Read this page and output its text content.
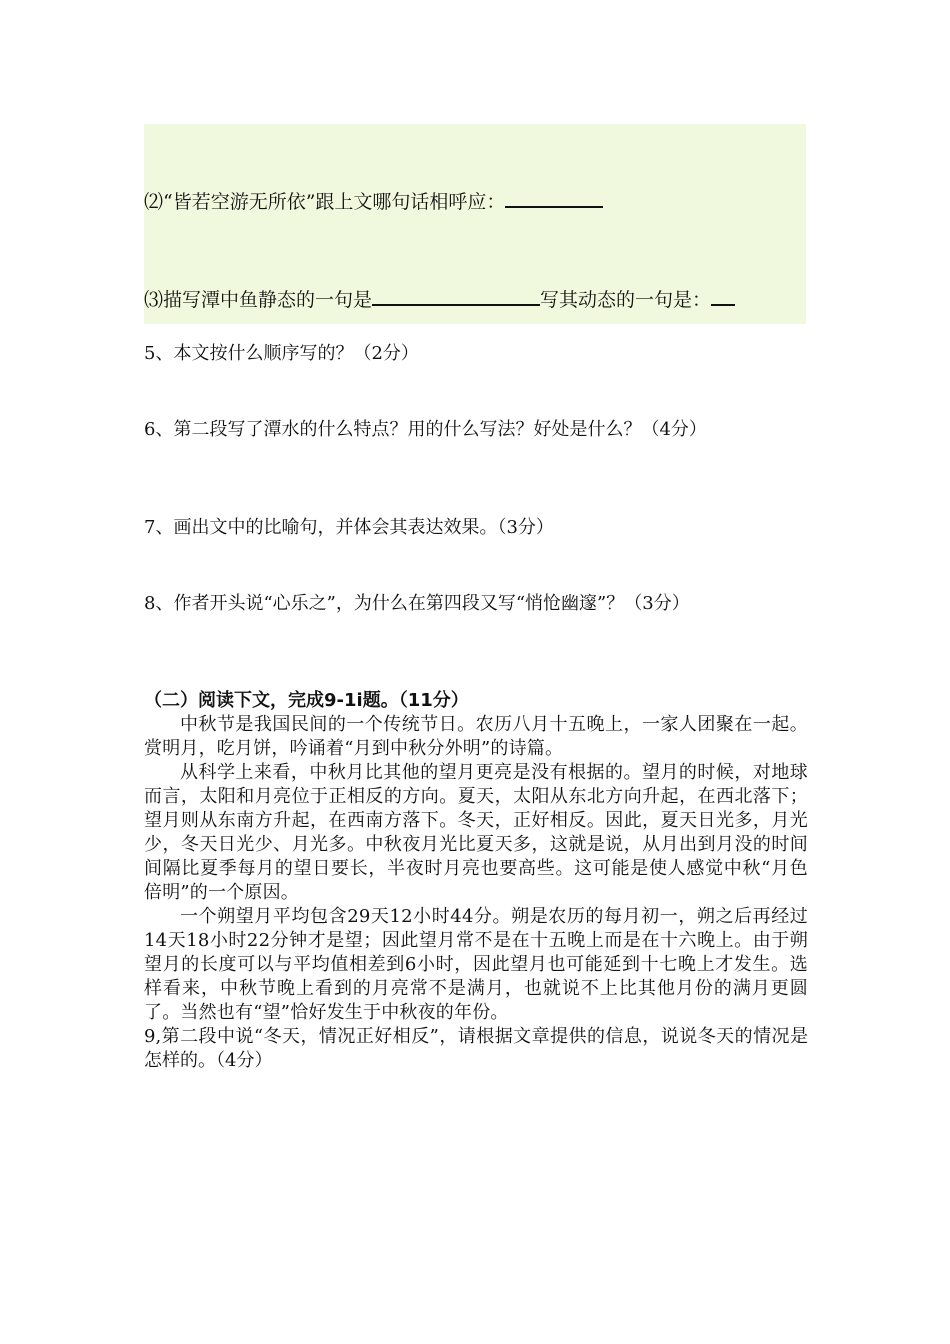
⑵“皆若空游无所依”跟上文哪句话相呼应：
⑶描写潭中鱼静态的一句是	写其动态的一句是：
5、本文按什么顺序写的？（2分）
6、第二段写了潭水的什么特点？用的什么写法？好处是什么？（4分）
7、画出文中的比喻句，并体会其表达效果。（3分）
8、作者开头说“心乐之”，为什么在第四段又写“悄怆幽邃”？（3分）
（二）阅读下文，完成9-1i题。（11分）

中秋节是我国民间的一个传统节日。农历八月十五晚上，一家人团聚在一起。赏明月，吃月饼，吟诵着“月到中秋分外明”的诗篇。

从科学上来看，中秋月比其他的望月更亮是没有根据的。望月的时候，对地球而言，太阳和月亮位于正相反的方向。夏天，太阳从东北方向升起，在西北落下；望月则从东南方升起，在西南方落下。冬天，正好相反。因此，夏天日光多，月光少，冬天日光少、月光多。中秋夜月光比夏天多，这就是说，从月出到月没的时间间隔比夏季每月的望日要长，半夜时月亮也要高些。这可能是使人感觉中秋“月色倍明”的一个原因。

一个朔望月平均包含29天12小时44分。朔是农历的每月初一，朔之后再经过14天18小时22分钟才是望；因此望月常不是在十五晚上而是在十六晚上。由于朔望月的长度可以与平均值相差到6小时，因此望月也可能延到十七晚上才发生。选样看来，中秋节晚上看到的月亮常不是满月，也就说不上比其他月份的满月更圆了。当然也有“望”恰好发生于中秋夜的年份。

9,第二段中说“冬天，情况正好相反”，请根据文章提供的信息，说说冬天的情况是怎样的。（4分）
